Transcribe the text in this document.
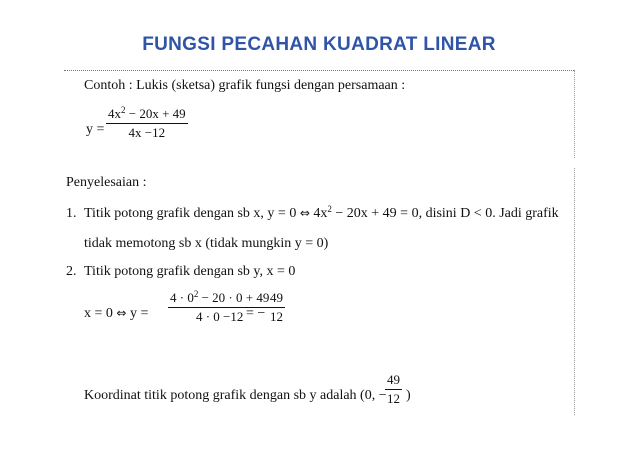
FUNGSI PECAHAN KUADRAT LINEAR
Contoh : Lukis (sketsa) grafik fungsi dengan persamaan :
y =
$4x^2 - 20x + 49$
4x −12
Penyelesaian :
1. Titik potong grafik dengan sb x, y = 0 ⇔ $4x^2 - 20x + 49 = 0$, disini D < 0. Jadi grafik
tidak memotong sb x (tidak mungkin y = 0)
2. Titik potong grafik dengan sb y, x = 0
x = 0 ⇔ y =
$4 \cdot 0^2 - 20 \cdot 0 + 49$
4 · 0 −12 = −
49
12
Koordinat titik potong grafik dengan sb y adalah (0, −
49
12 )
